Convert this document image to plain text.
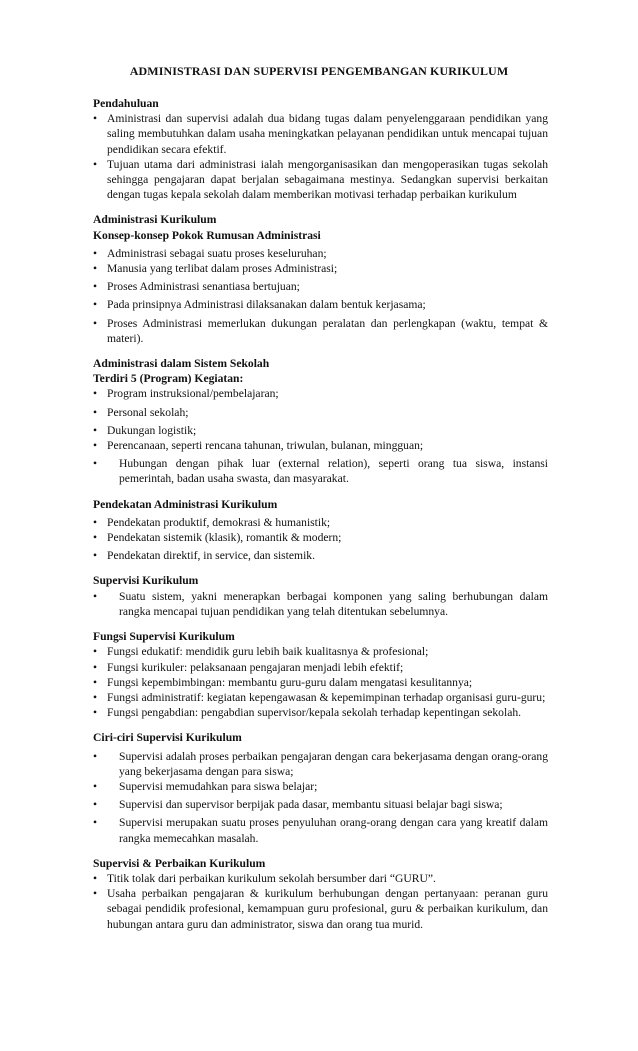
ADMINISTRASI DAN SUPERVISI PENGEMBANGAN KURIKULUM
Pendahuluan
• Aministrasi dan supervisi adalah dua bidang tugas dalam penyelenggaraan pendidikan yang saling membutuhkan dalam usaha meningkatkan pelayanan pendidikan untuk mencapai tujuan pendidikan secara efektif.
• Tujuan utama dari administrasi ialah mengorganisasikan dan mengoperasikan tugas sekolah sehingga pengajaran dapat berjalan sebagaimana mestinya. Sedangkan supervisi berkaitan dengan tugas kepala sekolah dalam memberikan motivasi terhadap perbaikan kurikulum
Administrasi Kurikulum
Konsep-konsep Pokok Rumusan Administrasi
• Administrasi sebagai suatu proses keseluruhan;
• Manusia yang terlibat dalam proses Administrasi;
• Proses Administrasi senantiasa bertujuan;
• Pada prinsipnya Administrasi dilaksanakan dalam bentuk kerjasama;
• Proses Administrasi memerlukan dukungan peralatan dan perlengkapan (waktu, tempat & materi).
Administrasi dalam Sistem Sekolah
Terdiri 5 (Program) Kegiatan:
• Program instruksional/pembelajaran;
• Personal sekolah;
• Dukungan logistik;
• Perencanaan, seperti rencana tahunan, triwulan, bulanan, mingguan;
•	Hubungan dengan pihak luar (external relation), seperti orang tua siswa, instansi pemerintah, badan usaha swasta, dan masyarakat.
Pendekatan Administrasi Kurikulum
• Pendekatan produktif, demokrasi & humanistik;
• Pendekatan sistemik (klasik), romantik & modern;
• Pendekatan direktif, in service, dan sistemik.
Supervisi Kurikulum
•	Suatu sistem, yakni menerapkan berbagai komponen yang saling berhubungan dalam rangka mencapai tujuan pendidikan yang telah ditentukan sebelumnya.
Fungsi Supervisi Kurikulum
• Fungsi edukatif: mendidik guru lebih baik kualitasnya & profesional;
• Fungsi kurikuler: pelaksanaan pengajaran menjadi lebih efektif;
• Fungsi kepembimbingan: membantu guru-guru dalam mengatasi kesulitannya;
• Fungsi administratif: kegiatan kepengawasan & kepemimpinan terhadap organisasi guru-guru;
• Fungsi pengabdian: pengabdian supervisor/kepala sekolah terhadap kepentingan sekolah.
Ciri-ciri Supervisi Kurikulum
•	Supervisi adalah proses perbaikan pengajaran dengan cara bekerjasama dengan orang-orang yang bekerjasama dengan para siswa;
•	Supervisi memudahkan para siswa belajar;
•	Supervisi dan supervisor berpijak pada dasar, membantu situasi belajar bagi siswa;
•	Supervisi merupakan suatu proses penyuluhan orang-orang dengan cara yang kreatif dalam rangka memecahkan masalah.
Supervisi & Perbaikan Kurikulum
• Titik tolak dari perbaikan kurikulum sekolah bersumber dari “GURU”.
• Usaha perbaikan pengajaran & kurikulum berhubungan dengan pertanyaan: peranan guru sebagai pendidik profesional, kemampuan guru profesional, guru & perbaikan kurikulum, dan hubungan antara guru dan administrator, siswa dan orang tua murid.
